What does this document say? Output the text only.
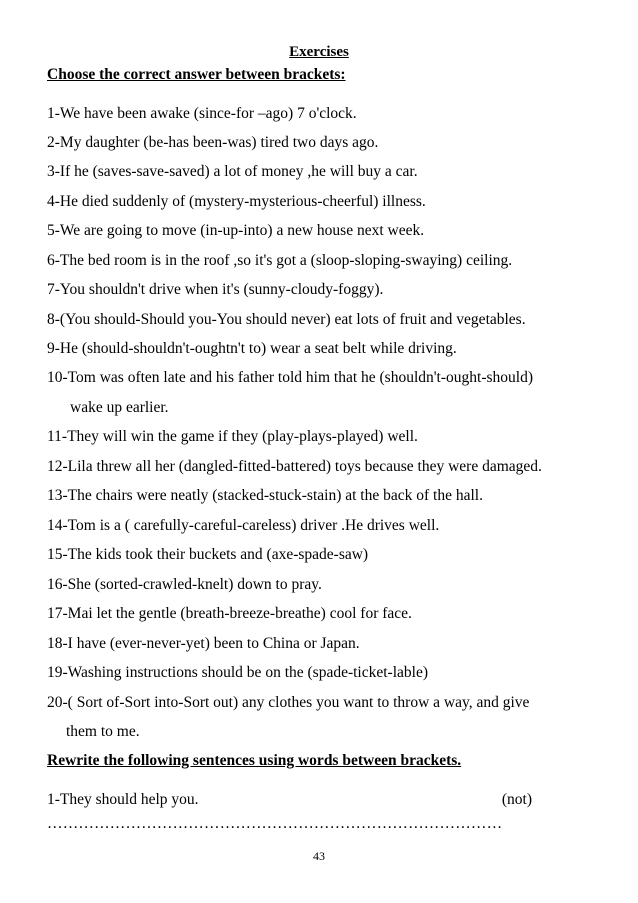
Exercises
Choose the correct answer between brackets:
1-We have been awake (since-for –ago) 7 o'clock.
2-My daughter (be-has been-was) tired two days ago.
3-If he (saves-save-saved) a lot of money ,he will buy a car.
4-He died suddenly of (mystery-mysterious-cheerful) illness.
5-We are going to move (in-up-into) a new house next week.
6-The bed room is in the roof ,so it's got a (sloop-sloping-swaying) ceiling.
7-You shouldn't drive when it's (sunny-cloudy-foggy).
8-(You should-Should you-You should never) eat lots of fruit and vegetables.
9-He (should-shouldn't-oughtn't to) wear a seat belt while driving.
10-Tom was often late and his father told him that he (shouldn't-ought-should)
wake up earlier.
11-They will win the game if they (play-plays-played) well.
12-Lila threw all her (dangled-fitted-battered) toys because they were damaged.
13-The chairs were neatly (stacked-stuck-stain) at the back of the hall.
14-Tom is a ( carefully-careful-careless) driver .He drives well.
15-The kids took their buckets and (axe-spade-saw)
16-She (sorted-crawled-knelt) down to pray.
17-Mai let the gentle (breath-breeze-breathe) cool for face.
18-I have (ever-never-yet) been to China or Japan.
19-Washing instructions should be on the (spade-ticket-lable)
20-( Sort of-Sort into-Sort out) any clothes you want to throw a way, and give
them to me.
Rewrite the following sentences using words between brackets.
1-They should help you.	(not)
……………………………………………………………………………
43
